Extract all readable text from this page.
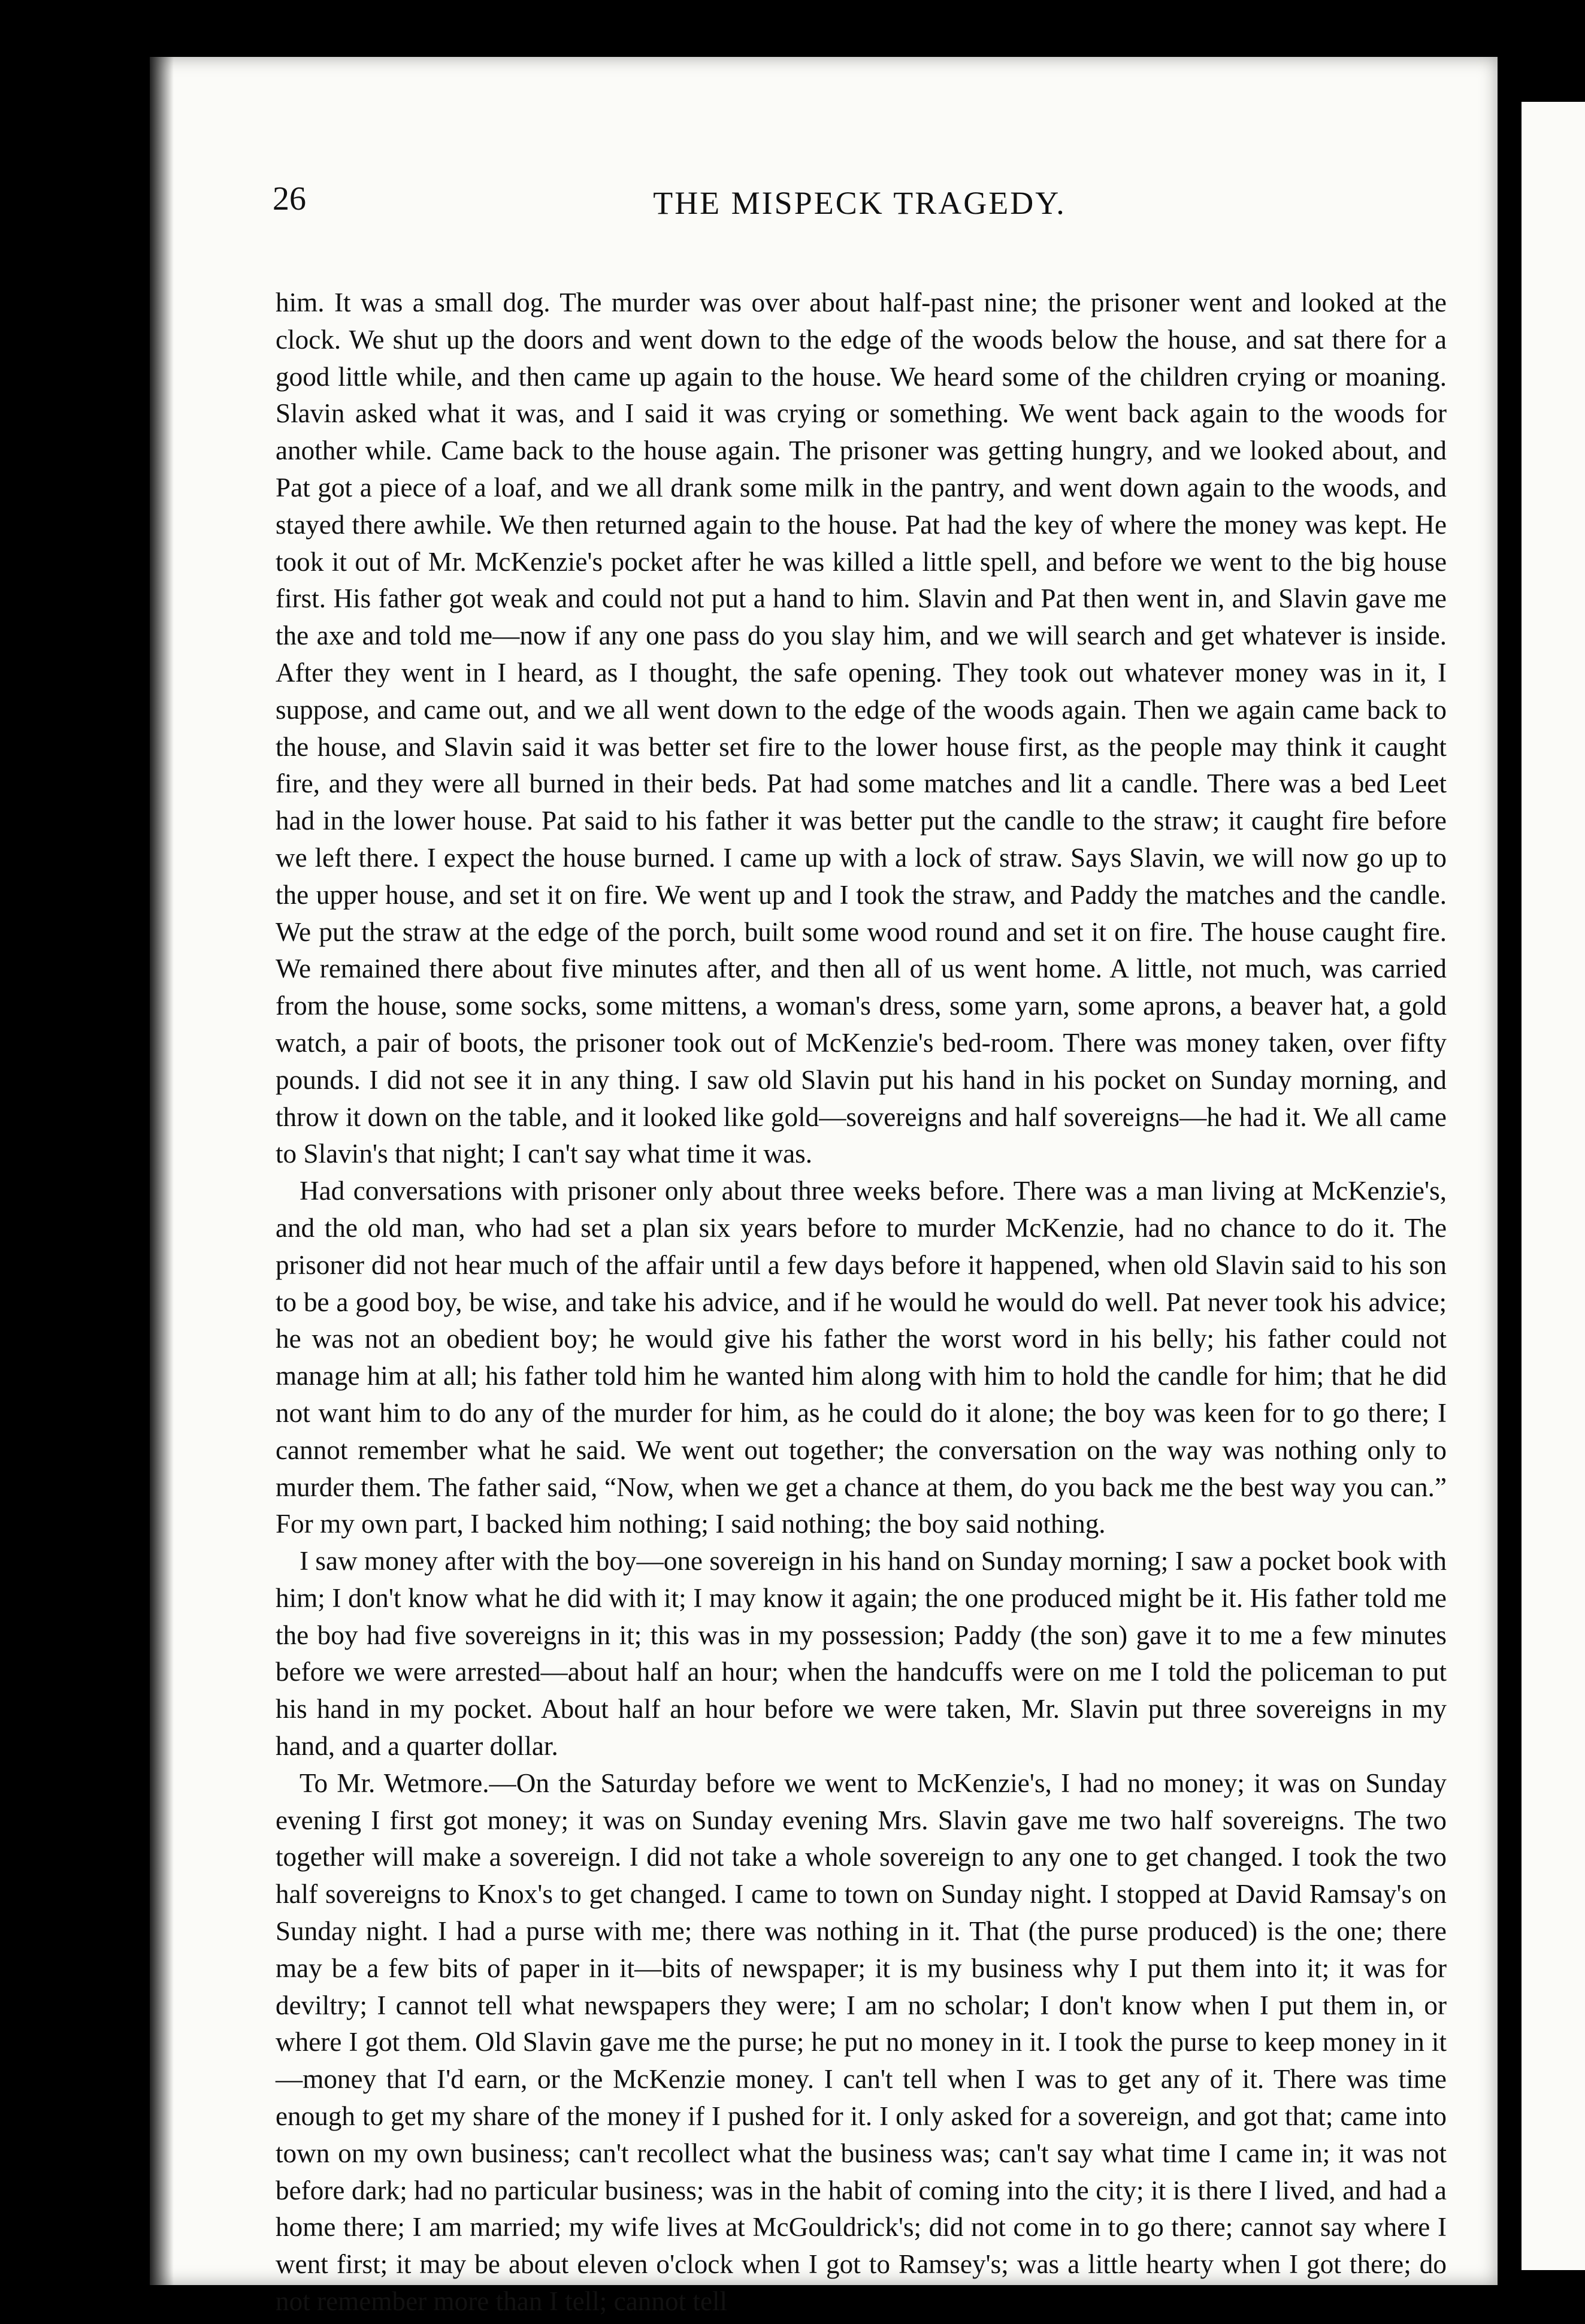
26	THE MISPECK TRAGEDY.

him. It was a small dog. The murder was over about half-past nine; the prisoner went and looked at the clock. We shut up the doors and went down to the edge of the woods below the house, and sat there for a good little while, and then came up again to the house. We heard some of the children crying or moaning. Slavin asked what it was, and I said it was crying or something. We went back again to the woods for another while. Came back to the house again. The prisoner was getting hungry, and we looked about, and Pat got a piece of a loaf, and we all drank some milk in the pantry, and went down again to the woods, and stayed there awhile. We then returned again to the house. Pat had the key of where the money was kept. He took it out of Mr. McKenzie's pocket after he was killed a little spell, and before we went to the big house first. His father got weak and could not put a hand to him. Slavin and Pat then went in, and Slavin gave me the axe and told me—now if any one pass do you slay him, and we will search and get whatever is inside. After they went in I heard, as I thought, the safe opening. They took out whatever money was in it, I suppose, and came out, and we all went down to the edge of the woods again. Then we again came back to the house, and Slavin said it was better set fire to the lower house first, as the people may think it caught fire, and they were all burned in their beds. Pat had some matches and lit a candle. There was a bed Leet had in the lower house. Pat said to his father it was better put the candle to the straw; it caught fire before we left there. I expect the house burned. I came up with a lock of straw. Says Slavin, we will now go up to the upper house, and set it on fire. We went up and I took the straw, and Paddy the matches and the candle. We put the straw at the edge of the porch, built some wood round and set it on fire. The house caught fire. We remained there about five minutes after, and then all of us went home. A little, not much, was carried from the house, some socks, some mittens, a woman's dress, some yarn, some aprons, a beaver hat, a gold watch, a pair of boots, the prisoner took out of McKenzie's bed-room. There was money taken, over fifty pounds. I did not see it in any thing. I saw old Slavin put his hand in his pocket on Sunday morning, and throw it down on the table, and it looked like gold—sovereigns and half sovereigns—he had it. We all came to Slavin's that night; I can't say what time it was.

Had conversations with prisoner only about three weeks before. There was a man living at McKenzie's, and the old man, who had set a plan six years before to murder McKenzie, had no chance to do it. The prisoner did not hear much of the affair until a few days before it happened, when old Slavin said to his son to be a good boy, be wise, and take his advice, and if he would he would do well. Pat never took his advice; he was not an obedient boy; he would give his father the worst word in his belly; his father could not manage him at all; his father told him he wanted him along with him to hold the candle for him; that he did not want him to do any of the murder for him, as he could do it alone; the boy was keen for to go there; I cannot remember what he said. We went out together; the conversation on the way was nothing only to murder them. The father said, “Now, when we get a chance at them, do you back me the best way you can.” For my own part, I backed him nothing; I said nothing; the boy said nothing.

I saw money after with the boy—one sovereign in his hand on Sunday morning; I saw a pocket book with him; I don't know what he did with it; I may know it again; the one produced might be it. His father told me the boy had five sovereigns in it; this was in my possession; Paddy (the son) gave it to me a few minutes before we were arrested—about half an hour; when the handcuffs were on me I told the policeman to put his hand in my pocket. About half an hour before we were taken, Mr. Slavin put three sovereigns in my hand, and a quarter dollar.

To Mr. Wetmore.—On the Saturday before we went to McKenzie's, I had no money; it was on Sunday evening I first got money; it was on Sunday evening Mrs. Slavin gave me two half sovereigns. The two together will make a sovereign. I did not take a whole sovereign to any one to get changed. I took the two half sovereigns to Knox's to get changed. I came to town on Sunday night. I stopped at David Ramsay's on Sunday night. I had a purse with me; there was nothing in it. That (the purse produced) is the one; there may be a few bits of paper in it—bits of newspaper; it is my business why I put them into it; it was for deviltry; I cannot tell what newspapers they were; I am no scholar; I don't know when I put them in, or where I got them. Old Slavin gave me the purse; he put no money in it. I took the purse to keep money in it—money that I'd earn, or the McKenzie money. I can't tell when I was to get any of it. There was time enough to get my share of the money if I pushed for it. I only asked for a sovereign, and got that; came into town on my own business; can't recollect what the business was; can't say what time I came in; it was not before dark; had no particular business; was in the habit of coming into the city; it is there I lived, and had a home there; I am married; my wife lives at McGouldrick's; did not come in to go there; cannot say where I went first; it may be about eleven o'clock when I got to Ramsey's; was a little hearty when I got there; do not remember more than I tell; cannot tell
